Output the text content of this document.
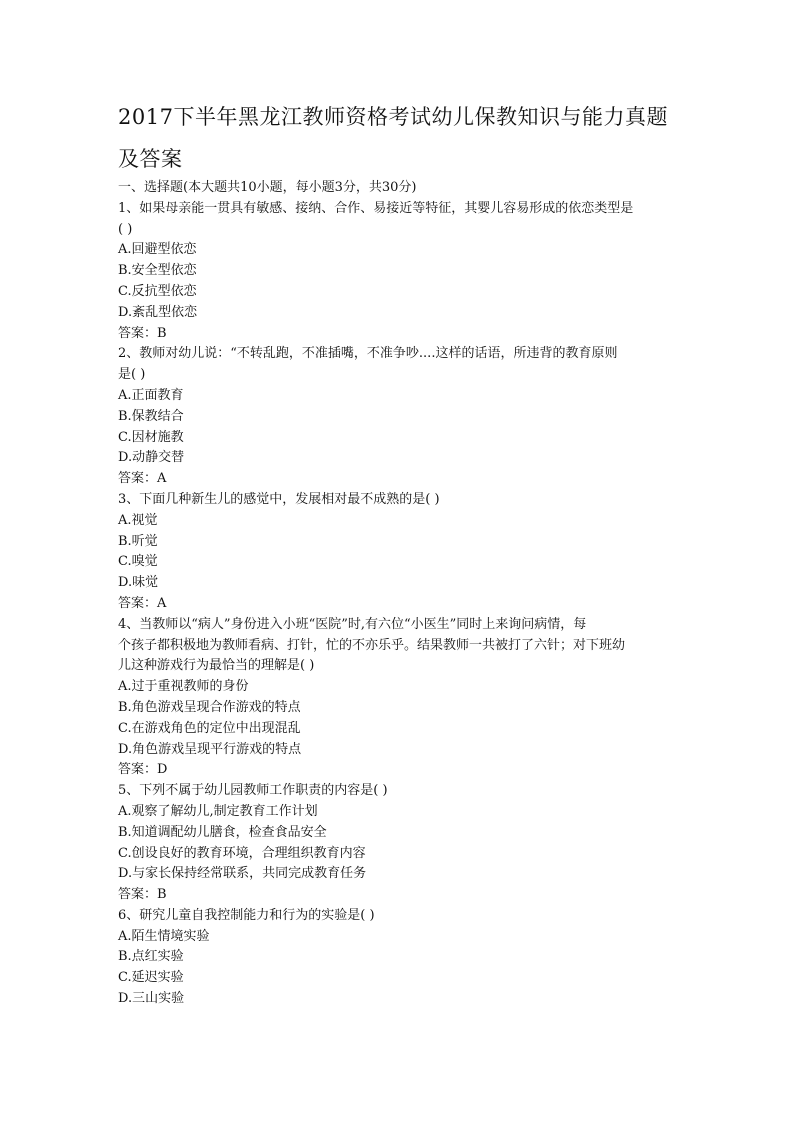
2017下半年黑龙江教师资格考试幼儿保教知识与能力真题
及答案
一、选择题(本大题共10小题，每小题3分，共30分)
1、如果母亲能一贯具有敏感、接纳、合作、易接近等特征，其婴儿容易形成的依恋类型是
( )
A.回避型依恋
B.安全型依恋
C.反抗型依恋
D.紊乱型依恋
答案：B
2、教师对幼儿说：“不转乱跑，不准插嘴，不准争吵....这样的话语，所违背的教育原则
是( )
A.正面教育
B.保教结合
C.因材施教
D.动静交替
答案：A
3、下面几种新生儿的感觉中，发展相对最不成熟的是( )
A.视觉
B.听觉
C.嗅觉
D.味觉
答案：A
4、当教师以“病人”身份进入小班“医院”时,有六位“小医生”同时上来询问病情，每
个孩子都积极地为教师看病、打针，忙的不亦乐乎。结果教师一共被打了六针；对下班幼
儿这种游戏行为最恰当的理解是( )
A.过于重视教师的身份
B.角色游戏呈现合作游戏的特点
C.在游戏角色的定位中出现混乱
D.角色游戏呈现平行游戏的特点
答案：D
5、下列不属于幼儿园教师工作职责的内容是( )
A.观察了解幼儿,制定教育工作计划
B.知道调配幼儿膳食，检查食品安全
C.创设良好的教育环境，合理组织教育内容
D.与家长保持经常联系，共同完成教育任务
答案：B
6、研究儿童自我控制能力和行为的实验是( )
A.陌生情境实验
B.点红实验
C.延迟实验
D.三山实验
